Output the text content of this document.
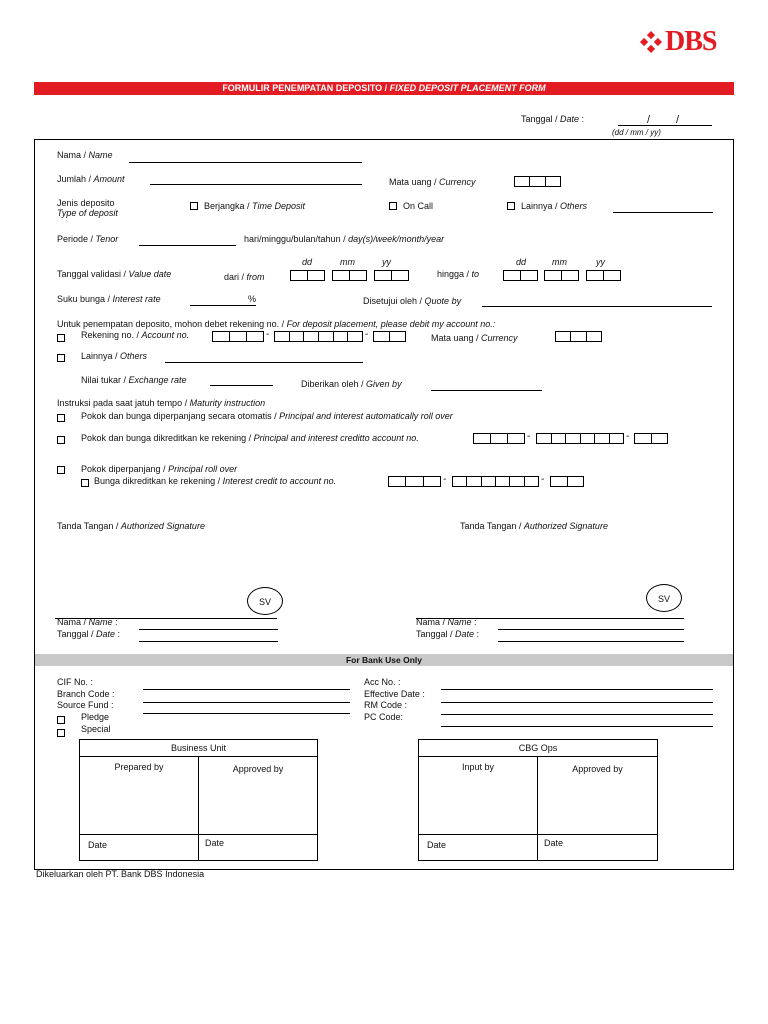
DBS
FORMULIR PENEMPATAN DEPOSITO / FIXED DEPOSIT PLACEMENT FORM
Tanggal / Date :	/ /
(dd / mm / yy)
Nama / Name
Jumlah / Amount	Mata uang / Currency
Jenis deposito
Type of deposit
Berjangka / Time Deposit	On Call	Lainnya / Others
Periode / Tenor	hari/minggu/bulan/tahun / day(s)/week/month/year
dd	mm	yy	dd	mm	yy
Tanggal validasi / Value date	dari / from	hingga / to
Suku bunga / Interest rate	%	Disetujui oleh / Quote by
Untuk penempatan deposito, mohon debet rekening no. / For deposit placement, please debit my account no.:
Rekening no. / Account no.	-	-	Mata uang / Currency
Lainnya / Others
Nilai tukar / Exchange rate	Diberikan oleh / Given by
Instruksi pada saat jatuh tempo / Maturity instruction
Pokok dan bunga diperpanjang secara otomatis / Principal and interest automatically roll over
Pokok dan bunga dikreditkan ke rekening / Principal and interest creditto account no.	-	-
Pokok diperpanjang / Principal roll over
Bunga dikreditkan ke rekening / Interest credit to account no.	-	-
Tanda Tangan / Authorized Signature	Tanda Tangan / Authorized Signature
SV	SV
Nama / Name :
Tanggal / Date :
Nama / Name :
Tanggal / Date :
For Bank Use Only
CIF No. :
Branch Code :
Source Fund :
Pledge
Special
Acc No. :
Effective Date :
RM Code :
PC Code:
Business Unit	
Prepared by	Approved by
Date	Date
CBG Ops	
Input by	Approved by
Date	Date
Dikeluarkan oleh PT. Bank DBS Indonesia
